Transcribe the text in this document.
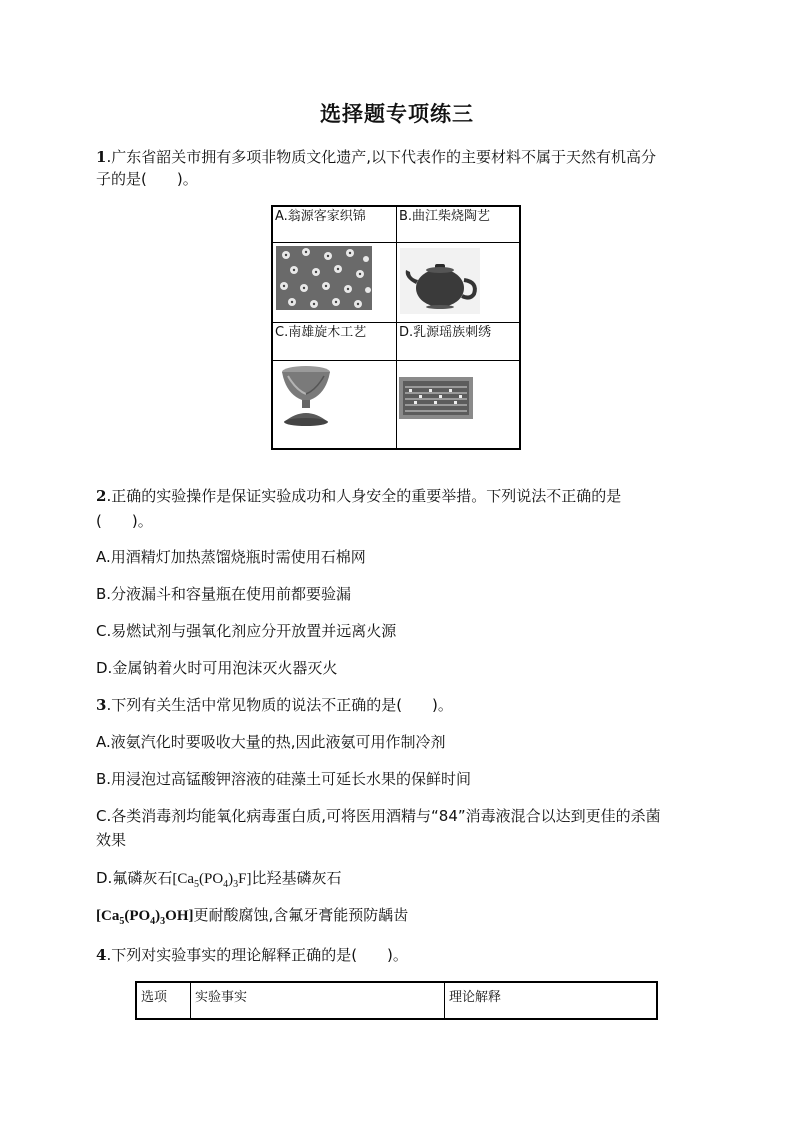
选择题专项练三
1.广东省韶关市拥有多项非物质文化遗产,以下代表作的主要材料不属于天然有机高分
子的是(　　)。
A.翁源客家织锦	B.曲江柴烧陶艺
C.南雄旋木工艺	D.乳源瑶族刺绣
2.正确的实验操作是保证实验成功和人身安全的重要举措。下列说法不正确的是
(　　)。
A.用酒精灯加热蒸馏烧瓶时需使用石棉网
B.分液漏斗和容量瓶在使用前都要验漏
C.易燃试剂与强氧化剂应分开放置并远离火源
D.金属钠着火时可用泡沫灭火器灭火
3.下列有关生活中常见物质的说法不正确的是(　　)。
A.液氨汽化时要吸收大量的热,因此液氨可用作制冷剂
B.用浸泡过高锰酸钾溶液的硅藻土可延长水果的保鲜时间
C.各类消毒剂均能氧化病毒蛋白质,可将医用酒精与“84”消毒液混合以达到更佳的杀菌
效果
D.氟磷灰石$[Ca_5(PO_4)_3F]$比羟基磷灰石
$[Ca_5(PO_4)_3OH]$更耐酸腐蚀,含氟牙膏能预防龋齿
4.下列对实验事实的理论解释正确的是(　　)。
选项	实验事实	理论解释
